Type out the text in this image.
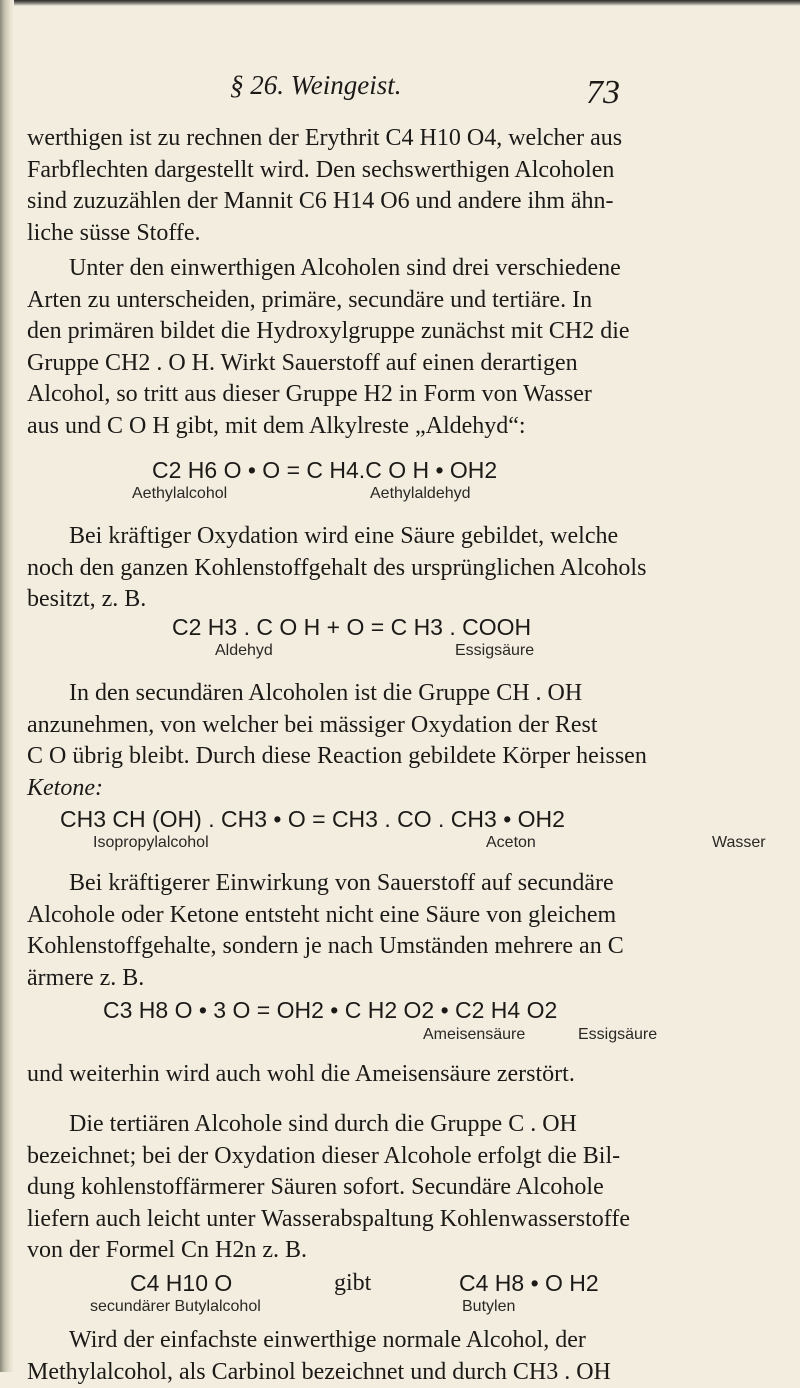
§ 26. Weingeist.	73
werthigen ist zu rechnen der Erythrit C4 H10 O4, welcher aus
Farbflechten dargestellt wird. Den sechswerthigen Alcoholen
sind zuzuzählen der Mannit C6 H14 O6 und andere ihm ähn-
liche süsse Stoffe.
Unter den einwerthigen Alcoholen sind drei verschiedene
Arten zu unterscheiden, primäre, secundäre und tertiäre. In
den primären bildet die Hydroxylgruppe zunächst mit CH2 die
Gruppe CH2 . O H. Wirkt Sauerstoff auf einen derartigen
Alcohol, so tritt aus dieser Gruppe H2 in Form von Wasser
aus und C O H gibt, mit dem Alkylreste „Aldehyd“:
C2 H6 O • O = C H4.C O H • OH2
Aethylalcohol	Aethylaldehyd
Bei kräftiger Oxydation wird eine Säure gebildet, welche
noch den ganzen Kohlenstoffgehalt des ursprünglichen Alcohols
besitzt, z. B.
C2 H3 . C O H + O = C H3 . COOH
Aldehyd	Essigsäure
In den secundären Alcoholen ist die Gruppe CH . OH
anzunehmen, von welcher bei mässiger Oxydation der Rest
C O übrig bleibt. Durch diese Reaction gebildete Körper heissen
Ketone:
CH3 CH (OH) . CH3 • O = CH3 . CO . CH3 • OH2
Isopropylalcohol	Aceton	Wasser
Bei kräftigerer Einwirkung von Sauerstoff auf secundäre
Alcohole oder Ketone entsteht nicht eine Säure von gleichem
Kohlenstoffgehalte, sondern je nach Umständen mehrere an C
ärmere z. B.
C3 H8 O • 3 O = OH2 • C H2 O2 • C2 H4 O2
Ameisensäure	Essigsäure
und weiterhin wird auch wohl die Ameisensäure zerstört.
Die tertiären Alcohole sind durch die Gruppe C . OH
bezeichnet; bei der Oxydation dieser Alcohole erfolgt die Bil-
dung kohlenstoffärmerer Säuren sofort. Secundäre Alcohole
liefern auch leicht unter Wasserabspaltung Kohlenwasserstoffe
von der Formel Cn H2n z. B.
C4 H10 O	gibt	C4 H8 • O H2
secundärer Butylalcohol	Butylen
Wird der einfachste einwerthige normale Alcohol, der
Methylalcohol, als Carbinol bezeichnet und durch CH3 . OH
